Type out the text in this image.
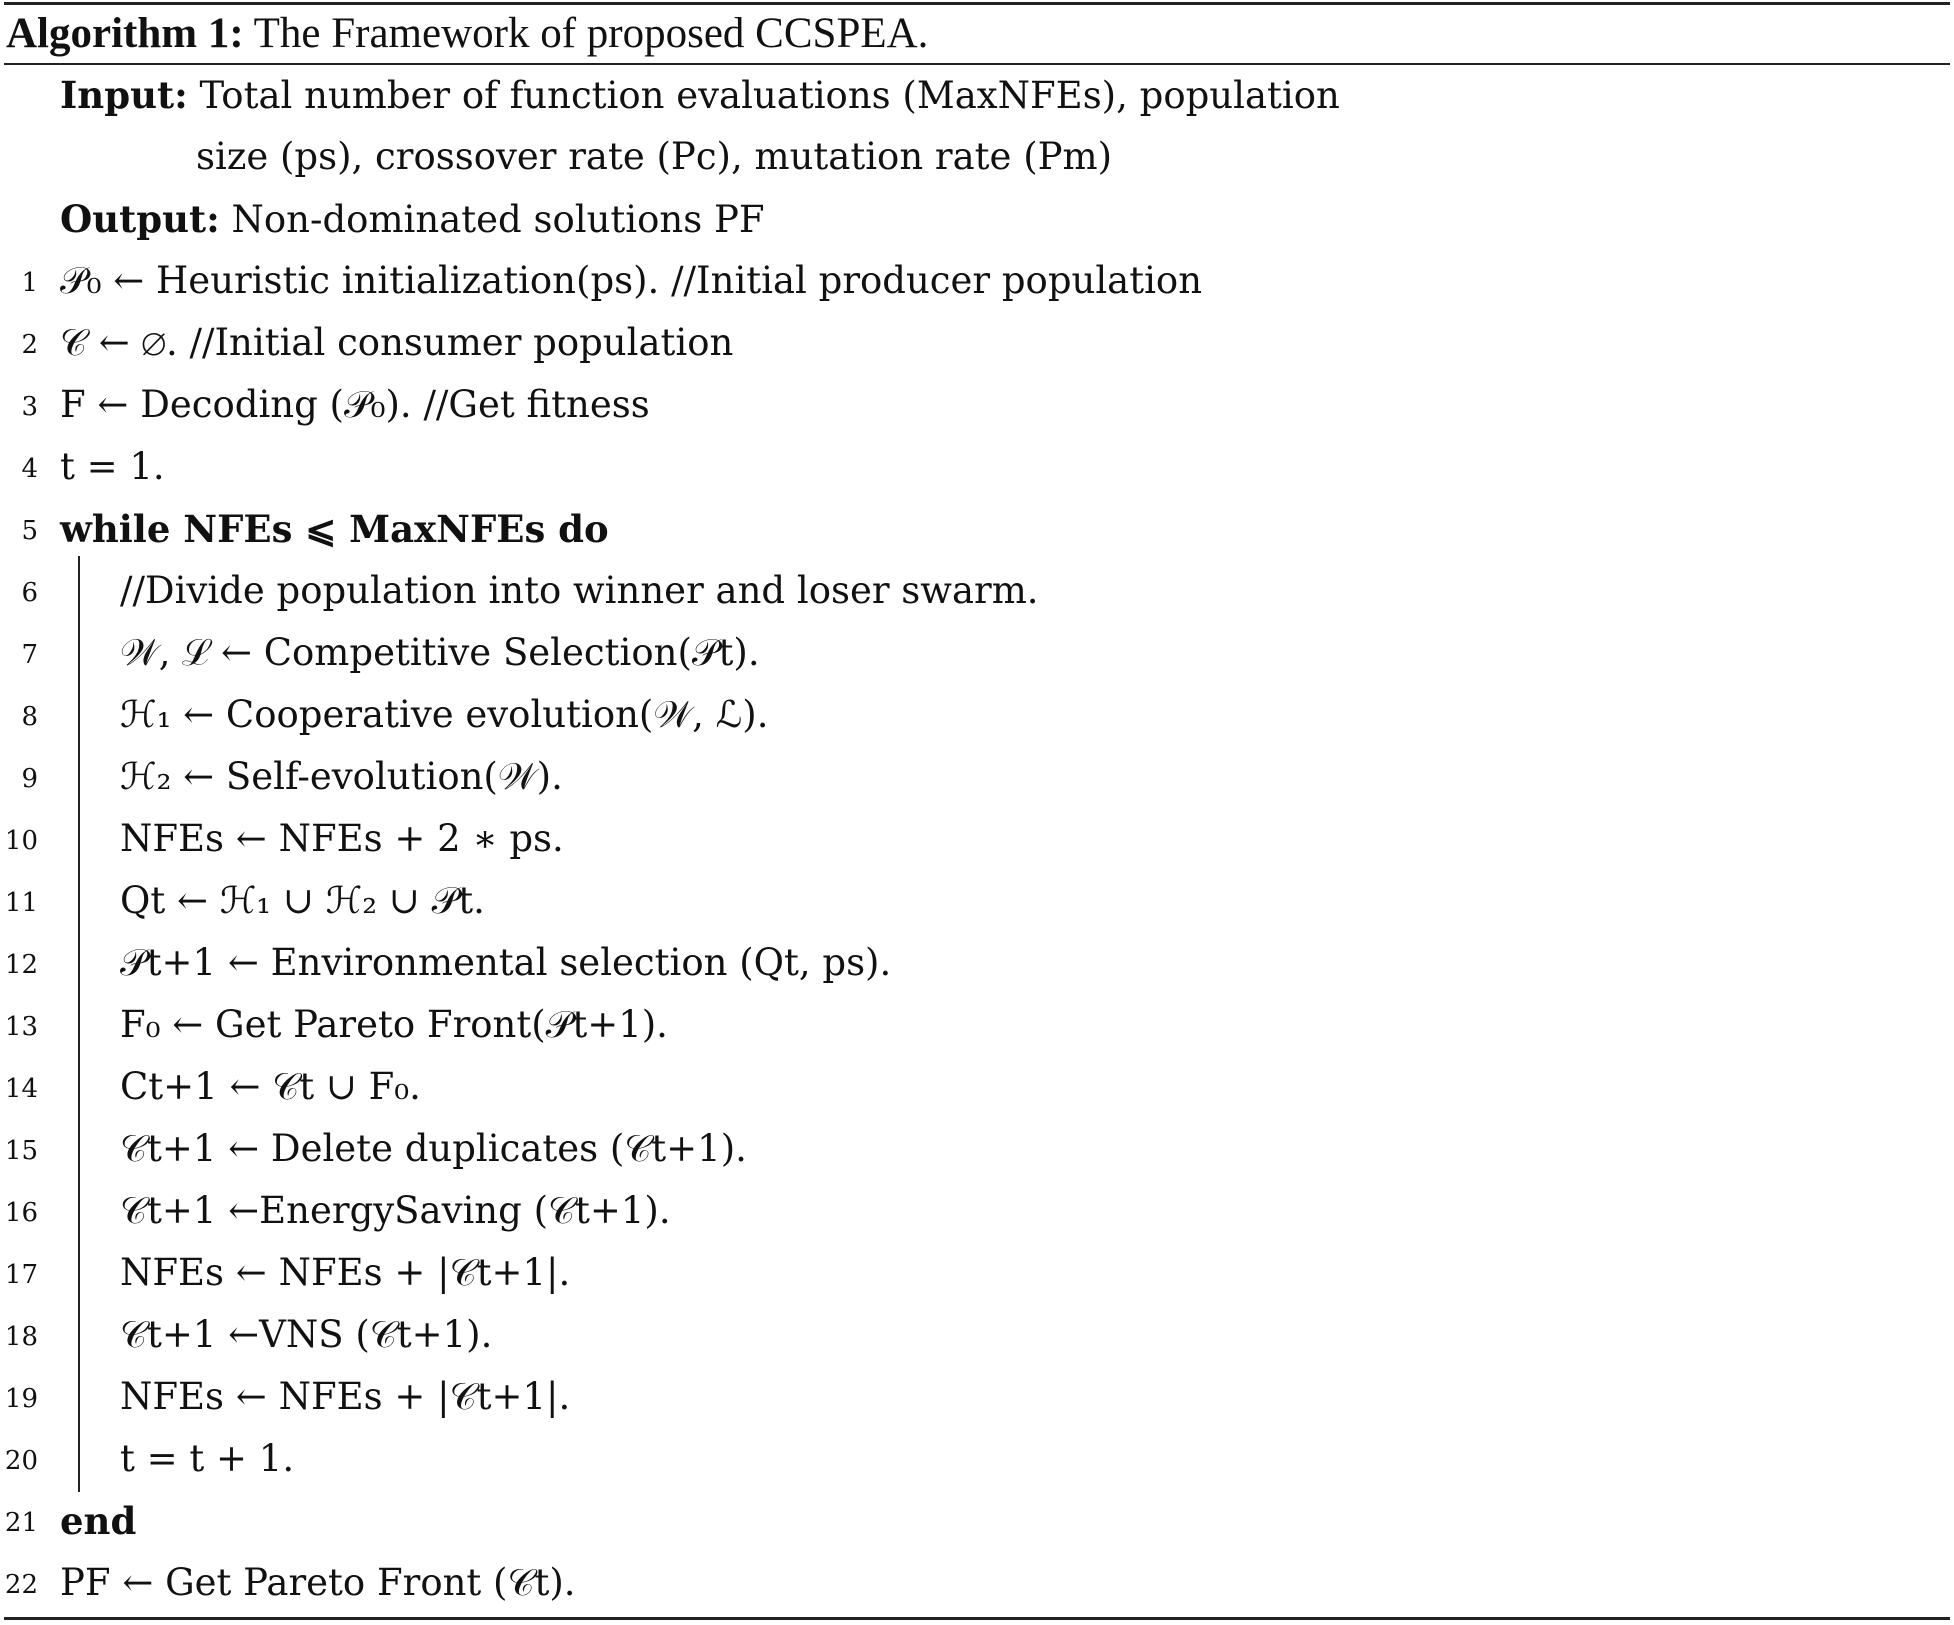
Algorithm 1: The Framework of proposed CCSPEA.
Input: Total number of function evaluations (MaxNFEs), population
size (ps), crossover rate (Pc), mutation rate (Pm)
Output: Non-dominated solutions PF
1 𝒫₀ ← Heuristic initialization(ps). //Initial producer population
2 𝒞 ← ∅. //Initial consumer population
3 F ← Decoding (𝒫₀). //Get fitness
4 t = 1.
5 while NFEs ⩽ MaxNFEs do
6 //Divide population into winner and loser swarm.
7 𝒲, ℒ ← Competitive Selection(𝒫t).
8 ℋ₁ ← Cooperative evolution(𝒲, ℒ).
9 ℋ₂ ← Self-evolution(𝒲).
10 NFEs ← NFEs + 2 ∗ ps.
11 Qt ← ℋ₁ ∪ ℋ₂ ∪ 𝒫t.
12 𝒫t+1 ← Environmental selection (Qt, ps).
13 F₀ ← Get Pareto Front(𝒫t+1).
14 Ct+1 ← 𝒞t ∪ F₀.
15 𝒞t+1 ← Delete duplicates (𝒞t+1).
16 𝒞t+1 ←EnergySaving (𝒞t+1).
17 NFEs ← NFEs + |𝒞t+1|.
18 𝒞t+1 ←VNS (𝒞t+1).
19 NFEs ← NFEs + |𝒞t+1|.
20 t = t + 1.
21 end
22 PF ← Get Pareto Front (𝒞t).
